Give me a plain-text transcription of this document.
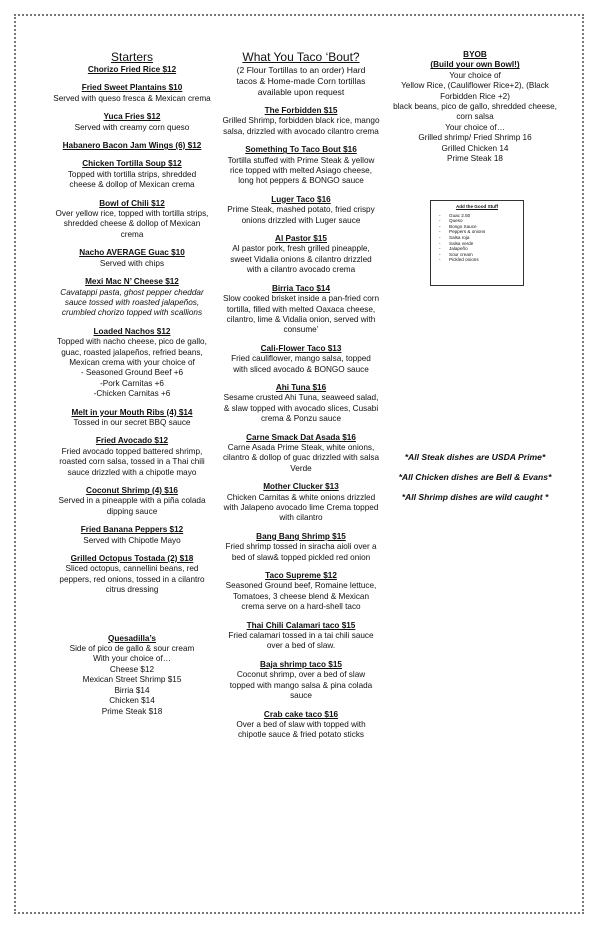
Starters
Chorizo Fried Rice $12
Fried Sweet Plantains $10
Served with queso fresca & Mexican crema
Yuca Fries $12
Served with creamy corn queso
Habanero Bacon Jam Wings (6) $12
Chicken Tortilla Soup $12
Topped with tortilla strips, shredded
cheese & dollop of Mexican crema
Bowl of Chili $12
Over yellow rice, topped with tortilla strips,
shredded cheese & dollop of Mexican
crema
Nacho AVERAGE Guac $10
Served with chips
Mexi Mac N’ Cheese $12
Cavatappi pasta, ghost pepper cheddar
sauce tossed with roasted jalapeños,
crumbled chorizo topped with scallions
Loaded Nachos $12
Topped with nacho cheese, pico de gallo,
guac, roasted jalapeños, refried beans,
Mexican crema with your choice of
- Seasoned Ground Beef +6
-Pork Carnitas +6
-Chicken Carnitas +6
Melt in your Mouth Ribs (4) $14
Tossed in our secret BBQ sauce
Fried Avocado $12
Fried avocado topped battered shrimp,
roasted corn salsa, tossed in a Thai chili
sauce drizzled with a chipotle mayo
Coconut Shrimp (4) $16
Served in a pineapple with a piña colada
dipping sauce
Fried Banana Peppers $12
Served with Chipotle Mayo
Grilled Octopus Tostada (2) $18
Sliced octopus, cannellini beans, red
peppers, red onions, tossed in a cilantro
citrus dressing
Quesadilla’s
Side of pico de gallo & sour cream
With your choice of…
Cheese $12
Mexican Street Shrimp $15
Birria $14
Chicken $14
Prime Steak $18
What You Taco ‘Bout?
(2 Flour Tortillas to an order) Hard
tacos & Home-made Corn tortillas
available upon request
The Forbidden $15
Grilled Shrimp, forbidden black rice, mango
salsa, drizzled with avocado cilantro crema
Something To Taco Bout $16
Tortilla stuffed with Prime Steak & yellow
rice topped with melted Asiago cheese,
long hot peppers & BONGO sauce
Luger Taco $16
Prime Steak, mashed potato, fried crispy
onions drizzled with Luger sauce
Al Pastor $15
Al pastor pork, fresh grilled pineapple,
sweet Vidalia onions & cilantro drizzled
with a cilantro avocado crema
Birria Taco $14
Slow cooked brisket inside a pan-fried corn
tortilla, filled with melted Oaxaca cheese,
cilantro, lime & Vidalia onion, served with
consume’
Cali-Flower Taco $13
Fried cauliflower, mango salsa, topped
with sliced avocado & BONGO sauce
Ahi Tuna $16
Sesame crusted Ahi Tuna, seaweed salad,
& slaw topped with avocado slices, Cusabi
crema & Ponzu sauce
Carne Smack Dat Asada $16
Carne Asada Prime Steak, white onions,
cilantro & dollop of guac drizzled with salsa
Verde
Mother Clucker $13
Chicken Carnitas & white onions drizzled
with Jalapeno avocado lime Crema topped
with cilantro
Bang Bang Shrimp $15
Fried shrimp tossed in siracha aioli over a
bed of slaw& topped pickled red onion
Taco Supreme $12
Seasoned Ground beef, Romaine lettuce,
Tomatoes, 3 cheese blend & Mexican
crema serve on a hard-shell taco
Thai Chili Calamari taco $15
Fried calamari tossed in a tai chili sauce
over a bed of slaw.
Baja shrimp taco $15
Coconut shrimp, over a bed of slaw
topped with mango salsa & pina colada
sauce
Crab cake taco $16
Over a bed of slaw with topped with
chipotle sauce & fried potato sticks
BYOB
(Build your own Bowl!)
Your choice of
Yellow Rice, (Cauliflower Rice+2), (Black
Forbidden Rice +2)
black beans, pico de gallo, shredded cheese,
corn salsa
Your choice of…
Grilled shrimp/ Fried Shrimp 16
Grilled Chicken 14
Prime Steak 18
Add the Good Stuff
- Guac 2.50
- Queso
- Bongo Sauce
- Peppers & onions
- Salsa roja
- Salsa verde
- Jalapeño
- Sour cream
- Pickled onions
*All Steak dishes are USDA Prime*
*All Chicken dishes are Bell & Evans*
*All Shrimp dishes are wild caught *
